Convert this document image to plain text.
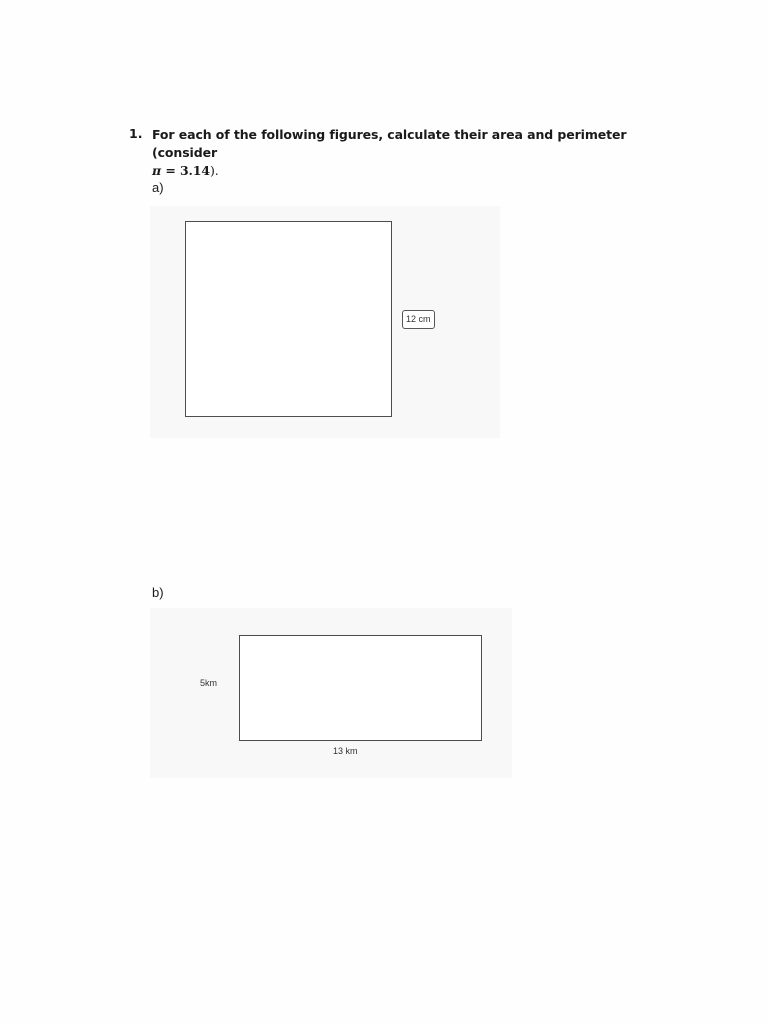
1. For each of the following figures, calculate their area and perimeter (consider
π = 3.14).
a)
12 cm
b)
5km
13 km
